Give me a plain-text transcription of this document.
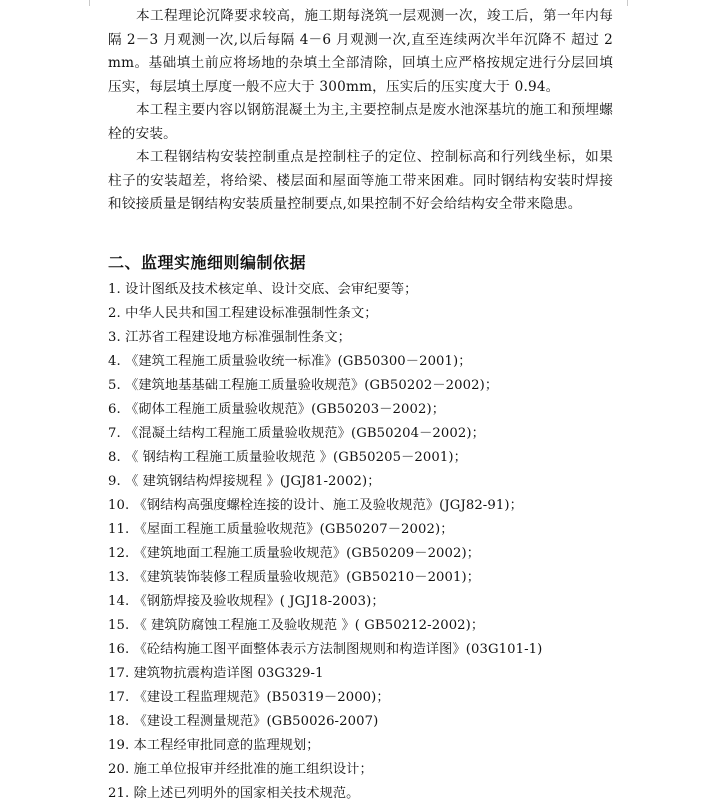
本工程理论沉降要求较高，施工期每浇筑一层观测一次，竣工后，第一年内每隔 2－3 月观测一次,以后每隔 4－6 月观测一次,直至连续两次半年沉降不 超过 2mm。基础填土前应将场地的杂填土全部清除，回填土应严格按规定进行分层回填压实，每层填土厚度一般不应大于 300mm，压实后的压实度大于 0.94。

本工程主要内容以钢筋混凝土为主,主要控制点是废水池深基坑的施工和预埋螺栓的安装。

本工程钢结构安装控制重点是控制柱子的定位、控制标高和行列线坐标，如果柱子的安装超差，将给梁、楼层面和屋面等施工带来困难。同时钢结构安装时焊接和铰接质量是钢结构安装质量控制要点,如果控制不好会给结构安全带来隐患。

二、监理实施细则编制依据
1. 设计图纸及技术核定单、设计交底、会审纪要等；
2. 中华人民共和国工程建设标准强制性条文；
3. 江苏省工程建设地方标准强制性条文；
4. 《建筑工程施工质量验收统一标准》(GB50300－2001)；
5. 《建筑地基基础工程施工质量验收规范》(GB50202－2002)；
6. 《砌体工程施工质量验收规范》(GB50203－2002)；
7. 《混凝土结构工程施工质量验收规范》(GB50204－2002)；
8. 《 钢结构工程施工质量验收规范 》(GB50205－2001)；
9. 《 建筑钢结构焊接规程 》(JGJ81-2002)；
10. 《钢结构高强度螺栓连接的设计、施工及验收规范》(JGJ82-91)；
11. 《屋面工程施工质量验收规范》(GB50207－2002)；
12. 《建筑地面工程施工质量验收规范》(GB50209－2002)；
13. 《建筑装饰装修工程质量验收规范》(GB50210－2001)；
14. 《钢筋焊接及验收规程》( JGJ18-2003)；
15. 《 建筑防腐蚀工程施工及验收规范 》( GB50212-2002)；
16. 《砼结构施工图平面整体表示方法制图规则和构造详图》(03G101-1)
17. 建筑物抗震构造详图 03G329-1
17. 《建设工程监理规范》(B50319－2000)；
18. 《建设工程测量规范》(GB50026-2007)
19. 本工程经审批同意的监理规划；
20. 施工单位报审并经批准的施工组织设计；
21. 除上述已列明外的国家相关技术规范。
